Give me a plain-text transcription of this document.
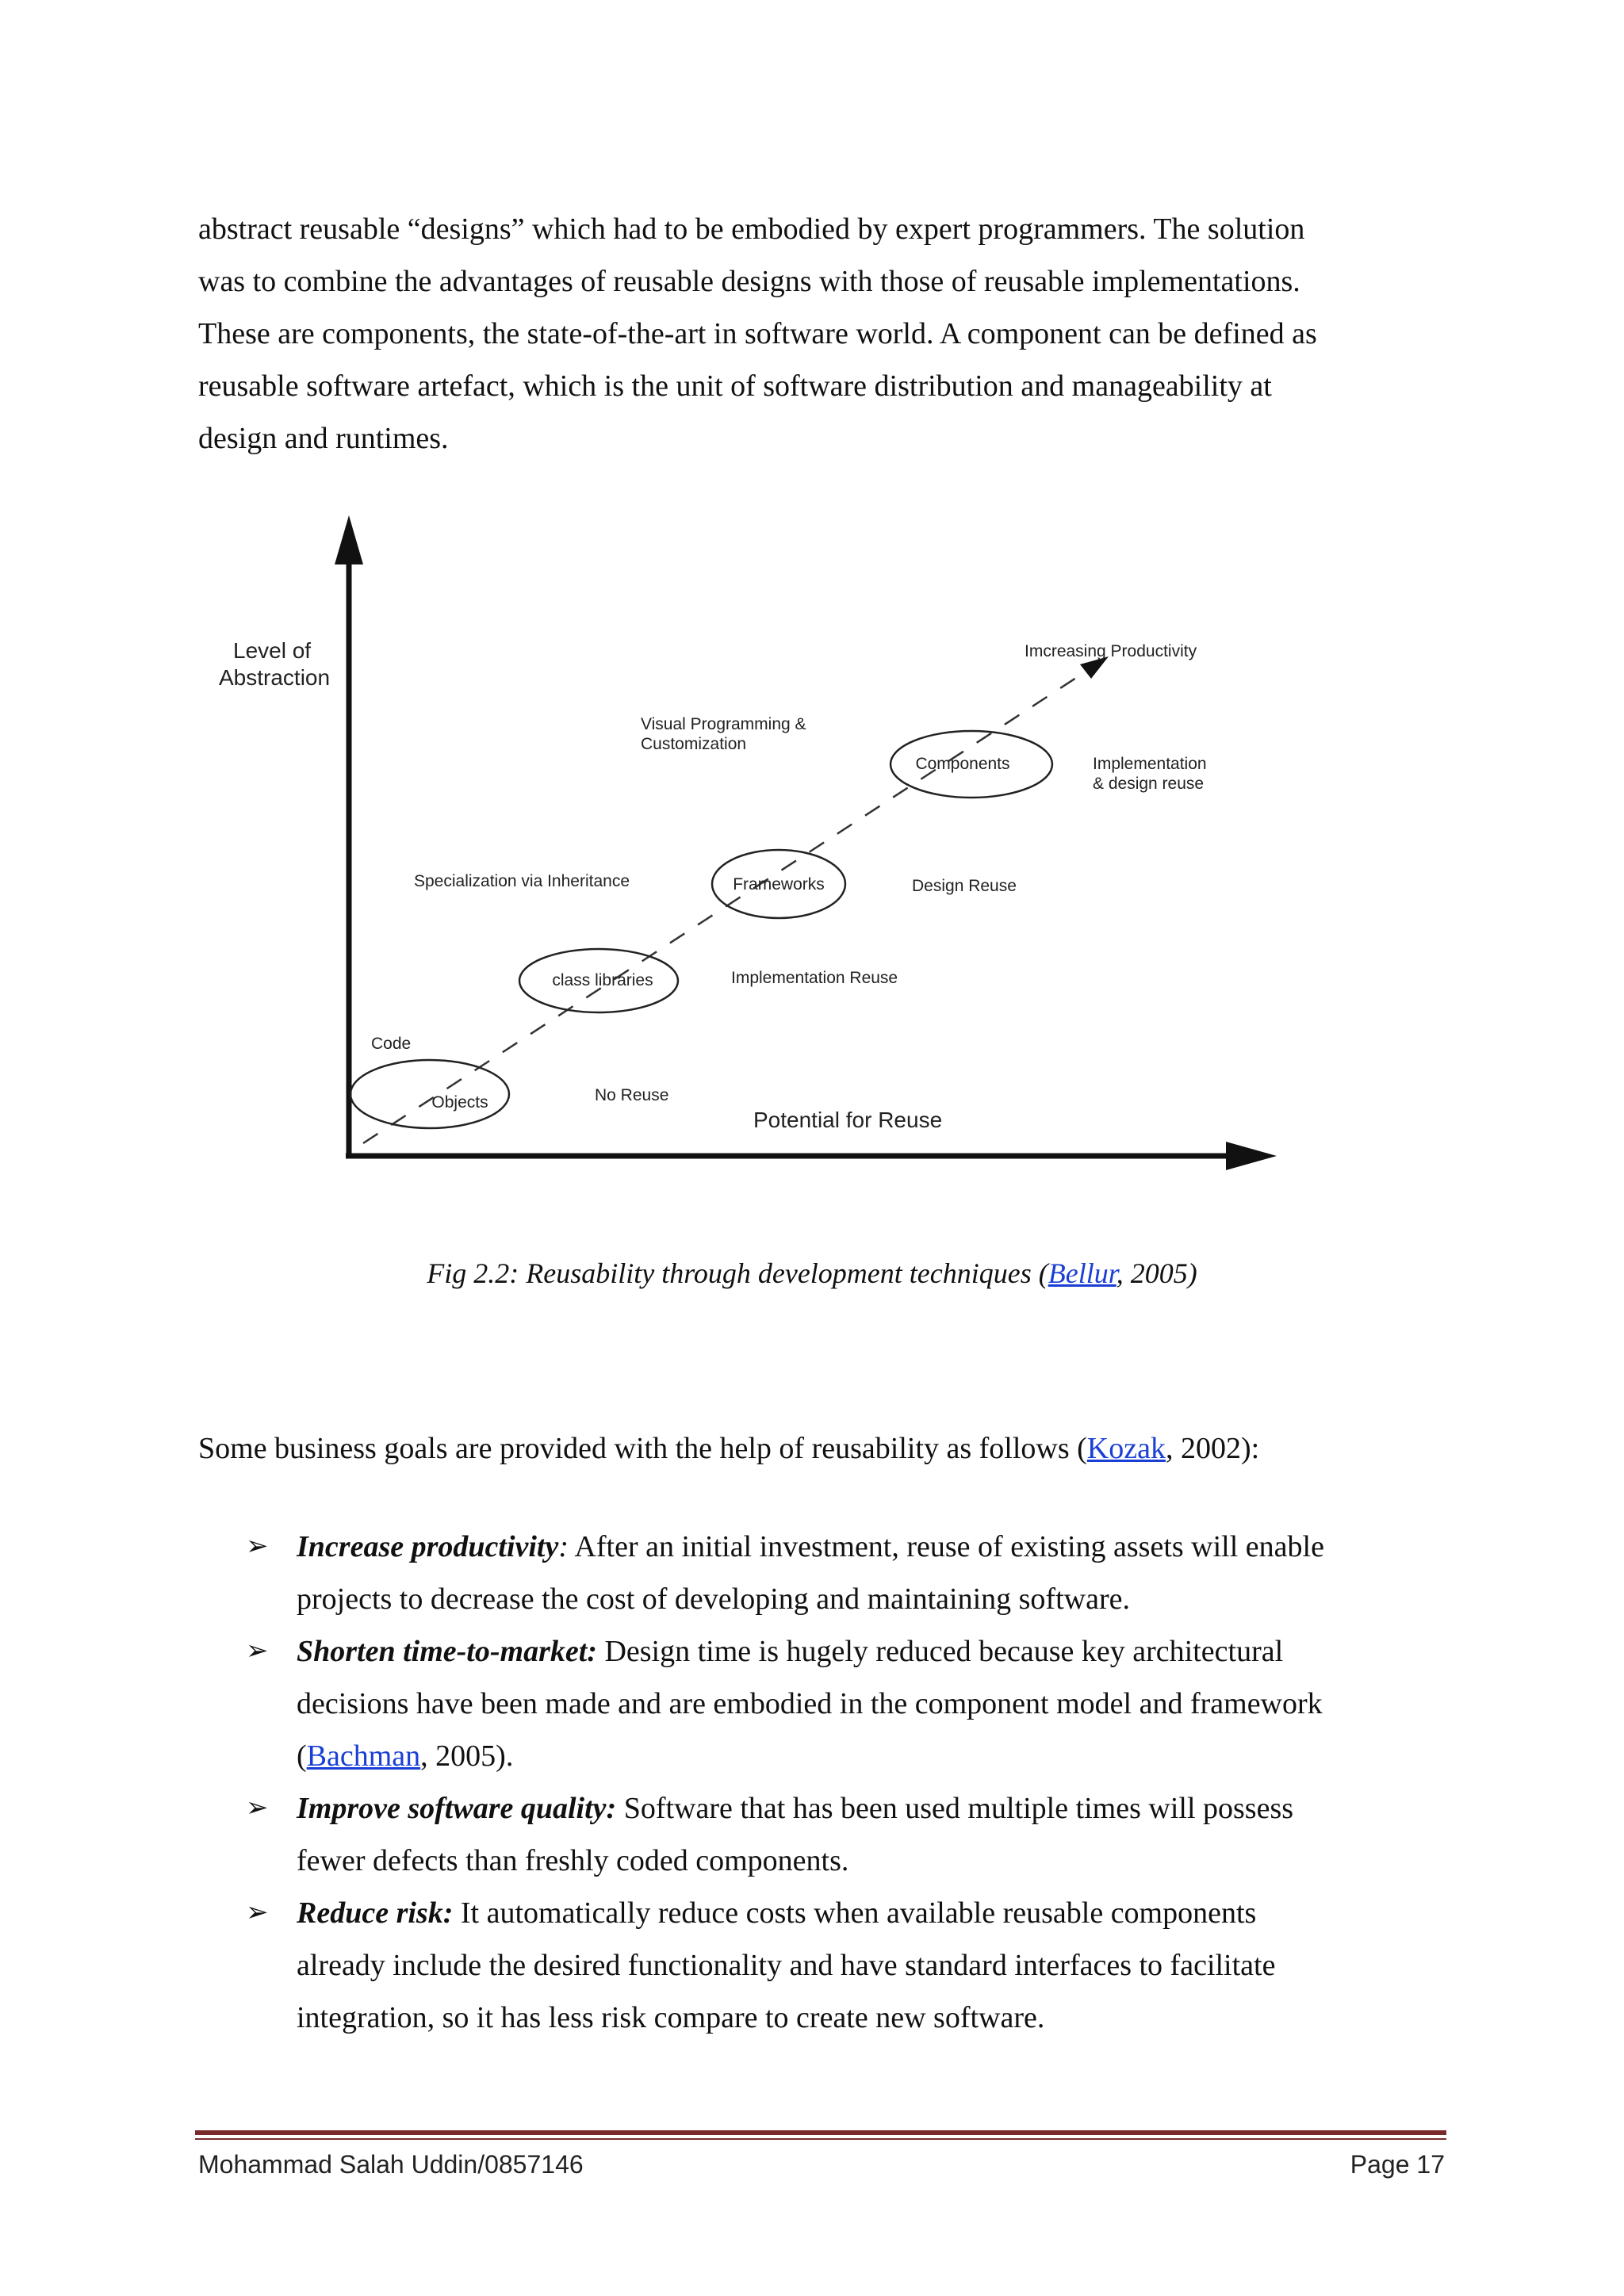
abstract reusable “designs” which had to be embodied by expert programmers. The solution
was to combine the advantages of reusable designs with those of reusable implementations.
These are components, the state-of-the-art in software world. A component can be defined as
reusable software artefact, which is the unit of software distribution and manageability at
design and runtimes.

Level of
Abstraction
Potential for Reuse
Imcreasing Productivity
Objects
class libraries
Frameworks
Components
Code
Specialization via Inheritance
Visual Programming &
Customization
No Reuse
Implementation Reuse
Design Reuse
Implementation
& design reuse
Fig 2.2: Reusability through development techniques (Bellur, 2005)
Some business goals are provided with the help of reusability as follows (Kozak, 2002):
➢ Increase productivity: After an initial investment, reuse of existing assets will enable
projects to decrease the cost of developing and maintaining software.
➢ Shorten time-to-market: Design time is hugely reduced because key architectural
decisions have been made and are embodied in the component model and framework
(Bachman, 2005).
➢ Improve software quality: Software that has been used multiple times will possess
fewer defects than freshly coded components.
➢ Reduce risk: It automatically reduce costs when available reusable components
already include the desired functionality and have standard interfaces to facilitate
integration, so it has less risk compare to create new software.
Mohammad Salah Uddin/0857146	Page 17
